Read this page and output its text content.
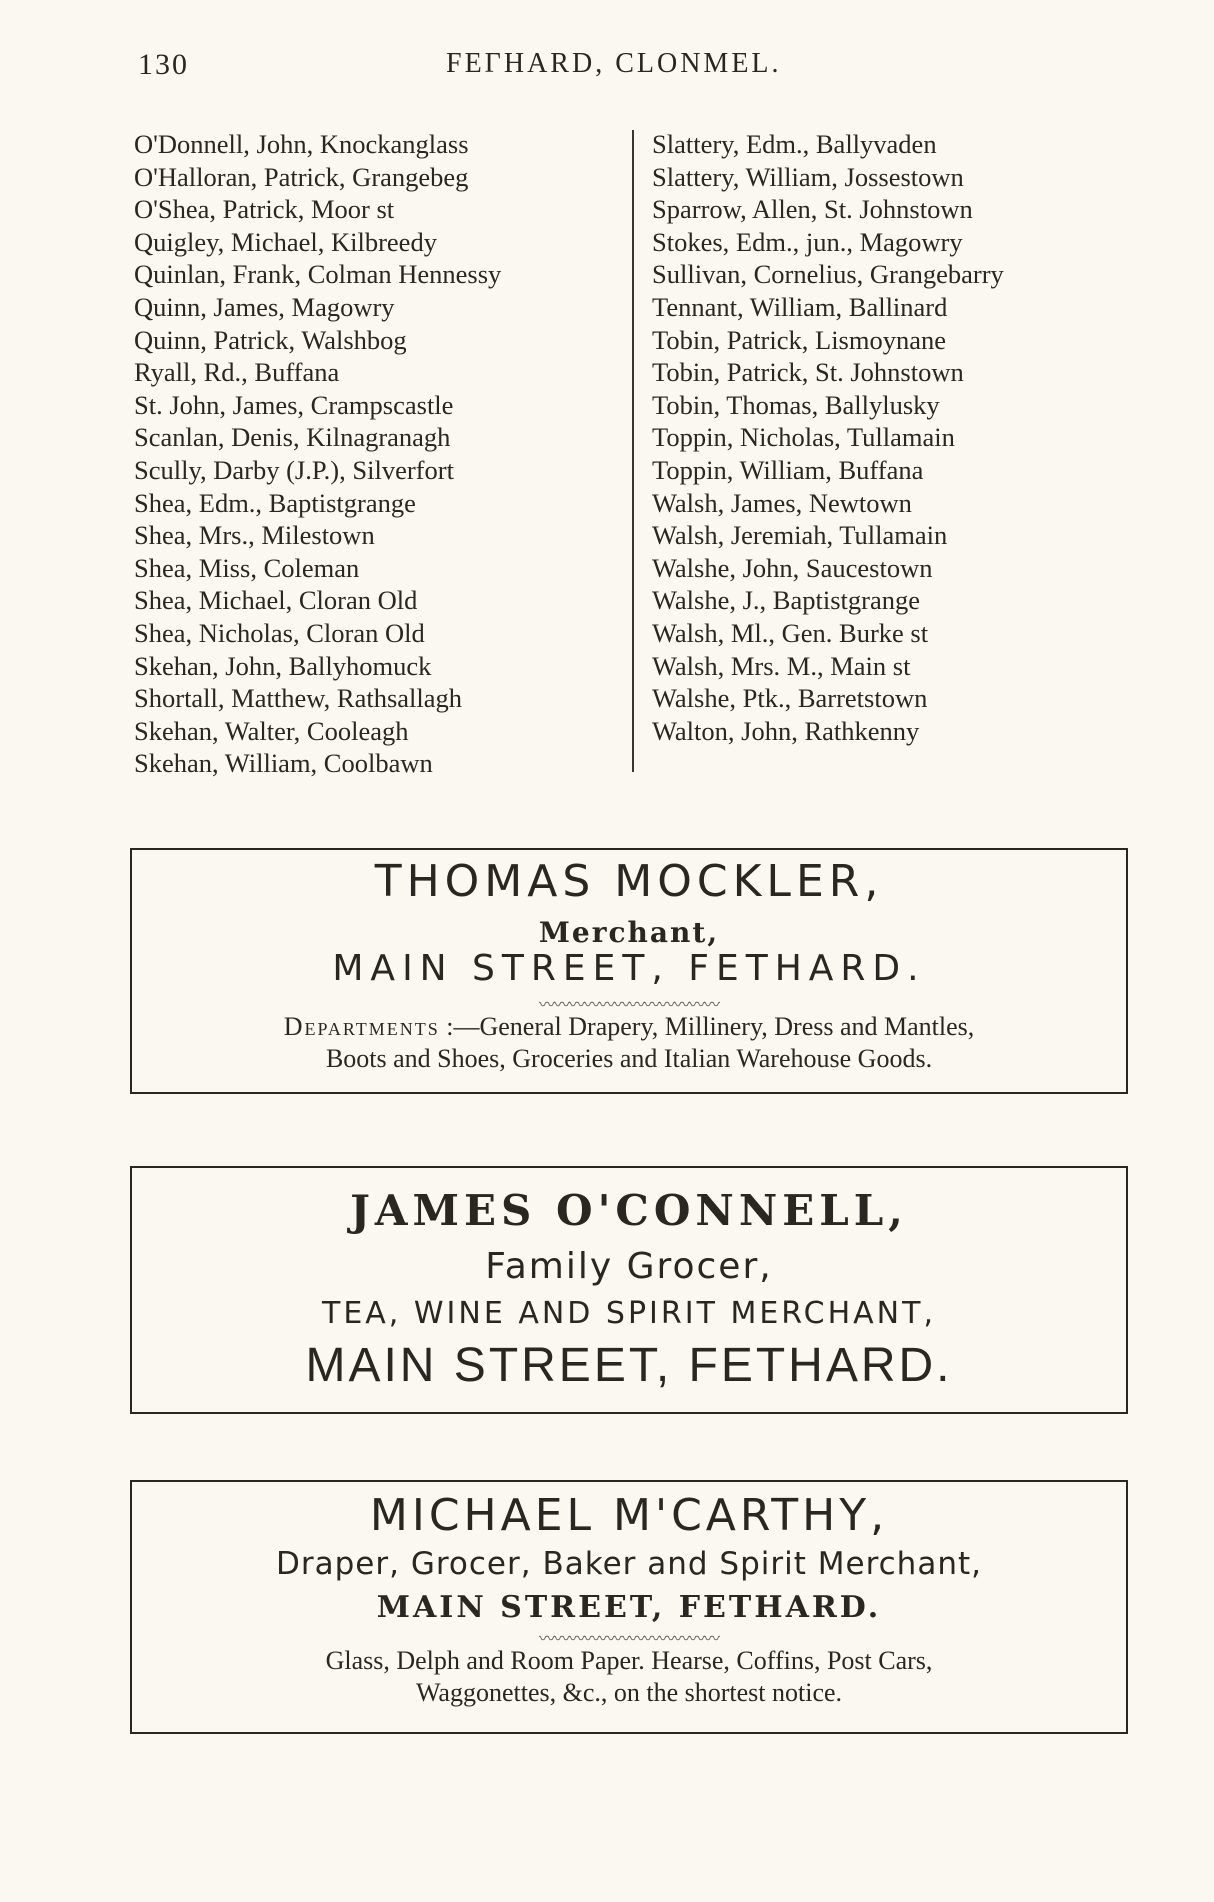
130	FEΓHARD, CLONMEL.
O'Donnell, John, Knockanglass
O'Halloran, Patrick, Grangebeg
O'Shea, Patrick, Moor st
Quigley, Michael, Kilbreedy
Quinlan, Frank, Colman Hennessy
Quinn, James, Magowry
Quinn, Patrick, Walshbog
Ryall, Rd., Buffana
St. John, James, Crampscastle
Scanlan, Denis, Kilnagranagh
Scully, Darby (J.P.), Silverfort
Shea, Edm., Baptistgrange
Shea, Mrs., Milestown
Shea, Miss, Coleman
Shea, Michael, Cloran Old
Shea, Nicholas, Cloran Old
Skehan, John, Ballyhomuck
Shortall, Matthew, Rathsallagh
Skehan, Walter, Cooleagh
Skehan, William, Coolbawn
Slattery, Edm., Ballyvaden
Slattery, William, Jossestown
Sparrow, Allen, St. Johnstown
Stokes, Edm., jun., Magowry
Sullivan, Cornelius, Grangebarry
Tennant, William, Ballinard
Tobin, Patrick, Lismoynane
Tobin, Patrick, St. Johnstown
Tobin, Thomas, Ballylusky
Toppin, Nicholas, Tullamain
Toppin, William, Buffana
Walsh, James, Newtown
Walsh, Jeremiah, Tullamain
Walshe, John, Saucestown
Walshe, J., Baptistgrange
Walsh, Ml., Gen. Burke st
Walsh, Mrs. M., Main st
Walshe, Ptk., Barretstown
Walton, John, Rathkenny
THOMAS MOCKLER,
Merchant,
MAIN STREET, FETHARD.
〰〰〰〰〰〰〰〰〰〰〰〰
Departments :—General Drapery, Millinery, Dress and Mantles,
Boots and Shoes, Groceries and Italian Warehouse Goods.
JAMES O'CONNELL,
Family Grocer,
TEA, WINE AND SPIRIT MERCHANT,
MAIN STREET, FETHARD.
MICHAEL M'CARTHY,
Draper, Grocer, Baker and Spirit Merchant,
MAIN STREET, FETHARD.
〰〰〰〰〰〰〰〰〰〰〰〰
Glass, Delph and Room Paper. Hearse, Coffins, Post Cars,
Waggonettes, &c., on the shortest notice.
